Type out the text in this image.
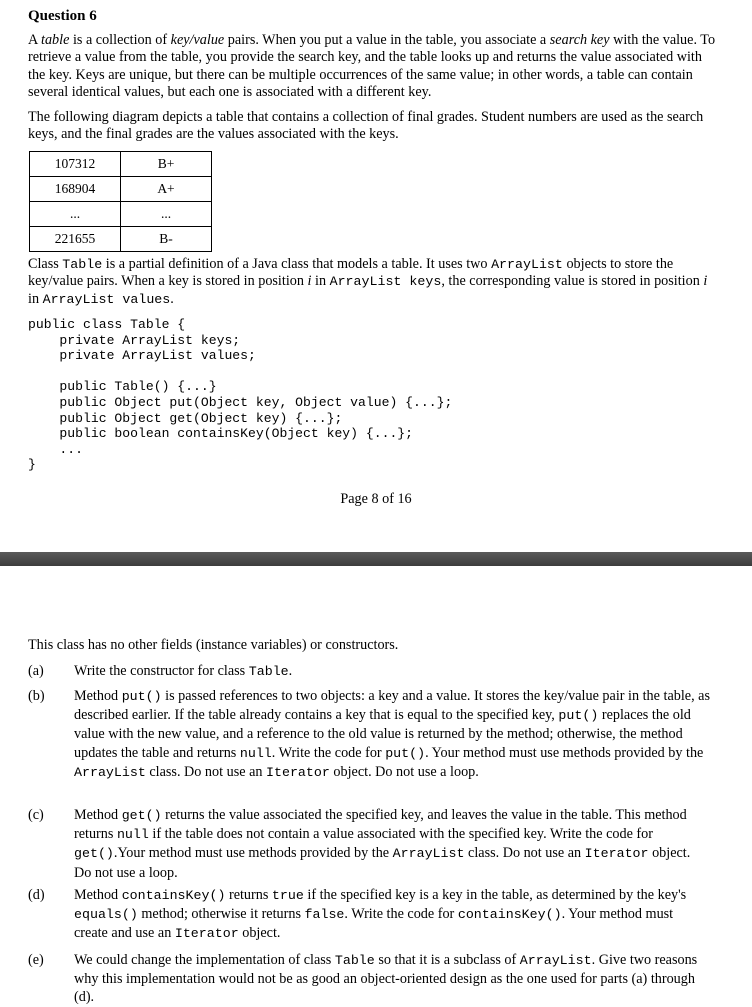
Question 6

A table is a collection of key/value pairs. When you put a value in the table, you associate a search key with the value. To retrieve a value from the table, you provide the search key, and the table looks up and returns the value associated with the key. Keys are unique, but there can be multiple occurrences of the same value; in other words, a table can contain several identical values, but each one is associated with a different key.

The following diagram depicts a table that contains a collection of final grades. Student numbers are used as the search keys, and the final grades are the values associated with the keys.

107312	B+
168904	A+
...	...
221655	B-

Class Table is a partial definition of a Java class that models a table. It uses two ArrayList objects to store the key/value pairs. When a key is stored in position i in ArrayList keys, the corresponding value is stored in position i in ArrayList values.

public class Table {
private ArrayList keys;
private ArrayList values;

public Table() {...}
public Object put(Object key, Object value) {...};
public Object get(Object key) {...};
public boolean containsKey(Object key) {...};
...
}
Page 8 of 16
This class has no other fields (instance variables) or constructors.
(a) Write the constructor for class Table.
(b) Method put() is passed references to two objects: a key and a value. It stores the key/value pair in the table, as described earlier. If the table already contains a key that is equal to the specified key, put() replaces the old value with the new value, and a reference to the old value is returned by the method; otherwise, the method updates the table and returns null. Write the code for put(). Your method must use methods provided by the ArrayList class. Do not use an Iterator object. Do not use a loop.
(c) Method get() returns the value associated the specified key, and leaves the value in the table. This method returns null if the table does not contain a value associated with the specified key. Write the code for get().Your method must use methods provided by the ArrayList class. Do not use an Iterator object. Do not use a loop.
(d) Method containsKey() returns true if the specified key is a key in the table, as determined by the key's equals() method; otherwise it returns false. Write the code for containsKey(). Your method must create and use an Iterator object.
(e) We could change the implementation of class Table so that it is a subclass of ArrayList. Give two reasons why this implementation would not be as good an object-oriented design as the one used for parts (a) through (d).
